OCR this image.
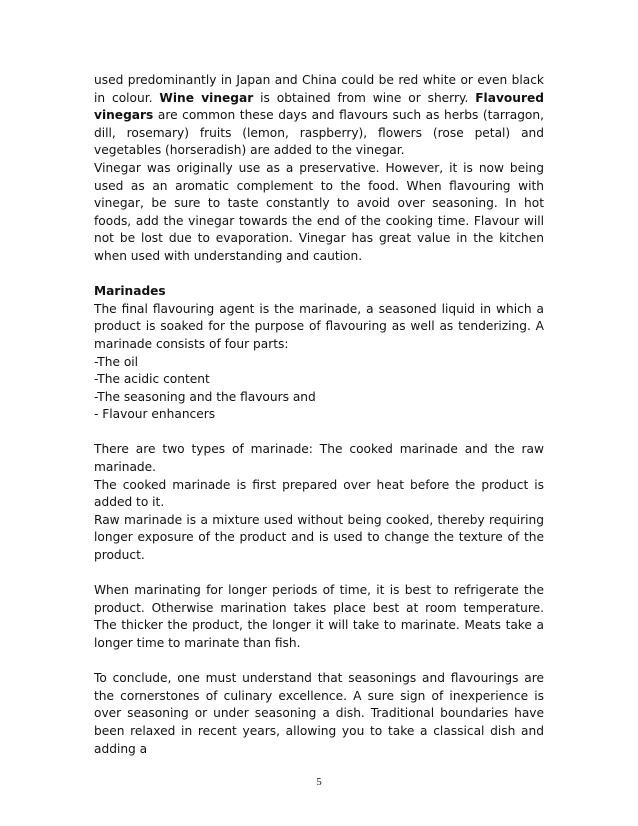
used predominantly in Japan and China could be red white or even black in colour. Wine vinegar is obtained from wine or sherry. Flavoured vinegars are common these days and flavours such as herbs (tarragon, dill, rosemary) fruits (lemon, raspberry), flowers (rose petal) and vegetables (horseradish) are added to the vinegar.

Vinegar was originally use as a preservative. However, it is now being used as an aromatic complement to the food. When flavouring with vinegar, be sure to taste constantly to avoid over seasoning. In hot foods, add the vinegar towards the end of the cooking time. Flavour will not be lost due to evaporation. Vinegar has great value in the kitchen when used with understanding and caution.

Marinades

The final flavouring agent is the marinade, a seasoned liquid in which a product is soaked for the purpose of flavouring as well as tenderizing. A marinade consists of four parts:

-The oil

-The acidic content

-The seasoning and the flavours and

- Flavour enhancers

There are two types of marinade: The cooked marinade and the raw marinade.

The cooked marinade is first prepared over heat before the product is added to it.

Raw marinade is a mixture used without being cooked, thereby requiring longer exposure of the product and is used to change the texture of the product.

When marinating for longer periods of time, it is best to refrigerate the product. Otherwise marination takes place best at room temperature. The thicker the product, the longer it will take to marinate. Meats take a longer time to marinate than fish.

To conclude, one must understand that seasonings and flavourings are the cornerstones of culinary excellence. A sure sign of inexperience is over seasoning or under seasoning a dish. Traditional boundaries have been relaxed in recent years, allowing you to take a classical dish and adding a

5
